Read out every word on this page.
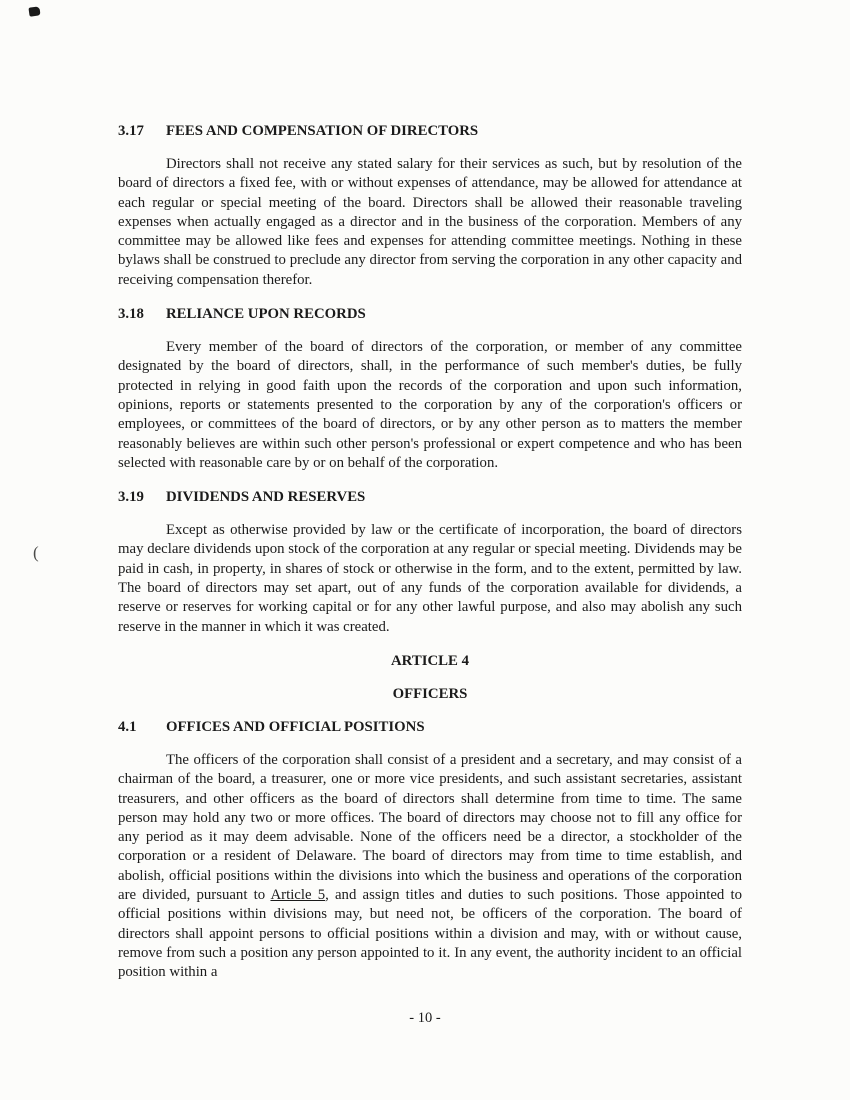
(
3.17	FEES AND COMPENSATION OF DIRECTORS

Directors shall not receive any stated salary for their services as such, but by resolution of the board of directors a fixed fee, with or without expenses of attendance, may be allowed for attendance at each regular or special meeting of the board. Directors shall be allowed their reasonable traveling expenses when actually engaged as a director and in the business of the corporation. Members of any committee may be allowed like fees and expenses for attending committee meetings. Nothing in these bylaws shall be construed to preclude any director from serving the corporation in any other capacity and receiving compensation therefor.

3.18	RELIANCE UPON RECORDS

Every member of the board of directors of the corporation, or member of any committee designated by the board of directors, shall, in the performance of such member's duties, be fully protected in relying in good faith upon the records of the corporation and upon such information, opinions, reports or statements presented to the corporation by any of the corporation's officers or employees, or committees of the board of directors, or by any other person as to matters the member reasonably believes are within such other person's professional or expert competence and who has been selected with reasonable care by or on behalf of the corporation.

3.19	DIVIDENDS AND RESERVES

Except as otherwise provided by law or the certificate of incorporation, the board of directors may declare dividends upon stock of the corporation at any regular or special meeting. Dividends may be paid in cash, in property, in shares of stock or otherwise in the form, and to the extent, permitted by law. The board of directors may set apart, out of any funds of the corporation available for dividends, a reserve or reserves for working capital or for any other lawful purpose, and also may abolish any such reserve in the manner in which it was created.

ARTICLE 4
OFFICERS
4.1	OFFICES AND OFFICIAL POSITIONS

The officers of the corporation shall consist of a president and a secretary, and may consist of a chairman of the board, a treasurer, one or more vice presidents, and such assistant secretaries, assistant treasurers, and other officers as the board of directors shall determine from time to time. The same person may hold any two or more offices. The board of directors may choose not to fill any office for any period as it may deem advisable. None of the officers need be a director, a stockholder of the corporation or a resident of Delaware. The board of directors may from time to time establish, and abolish, official positions within the divisions into which the business and operations of the corporation are divided, pursuant to Article 5, and assign titles and duties to such positions. Those appointed to official positions within divisions may, but need not, be officers of the corporation. The board of directors shall appoint persons to official positions within a division and may, with or without cause, remove from such a position any person appointed to it. In any event, the authority incident to an official position within a

- 10 -
